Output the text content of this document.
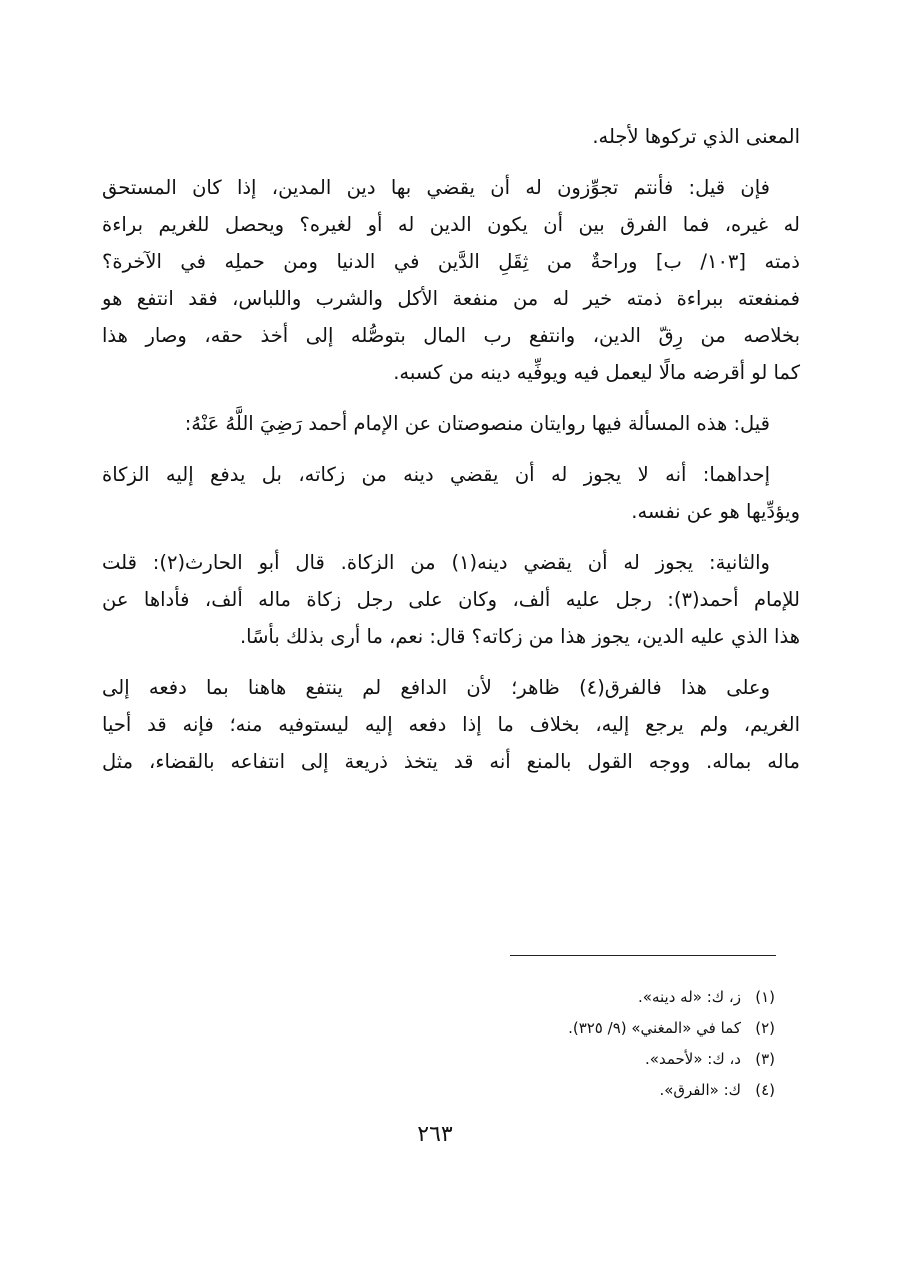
المعنى الذي تركوها لأجله.
فإن قيل: فأنتم تجوِّزون له أن يقضي بها دين المدين، إذا كان المستحق
له غيره، فما الفرق بين أن يكون الدين له أو لغيره؟ ويحصل للغريم براءة
ذمته [١٠٣/ ب] وراحةٌ من ثِقَلِ الدَّين في الدنيا ومن حملِه في الآخرة؟
فمنفعته ببراءة ذمته خير له من منفعة الأكل والشرب واللباس، فقد انتفع هو
بخلاصه من رِقّ الدين، وانتفع رب المال بتوصُّله إلى أخذ حقه، وصار هذا
كما لو أقرضه مالًا ليعمل فيه ويوفِّيه دينه من كسبه.
قيل: هذه المسألة فيها روايتان منصوصتان عن الإمام أحمد رَضِيَ اللَّهُ عَنْهُ:
إحداهما: أنه لا يجوز له أن يقضي دينه من زكاته، بل يدفع إليه الزكاة
ويؤدِّيها هو عن نفسه.
والثانية: يجوز له أن يقضي دينه(١) من الزكاة. قال أبو الحارث(٢): قلت
للإمام أحمد(٣): رجل عليه ألف، وكان على رجل زكاة ماله ألف، فأداها عن
هذا الذي عليه الدين، يجوز هذا من زكاته؟ قال: نعم، ما أرى بذلك بأسًا.
وعلى هذا فالفرق(٤) ظاهر؛ لأن الدافع لم ينتفع هاهنا بما دفعه إلى
الغريم، ولم يرجع إليه، بخلاف ما إذا دفعه إليه ليستوفيه منه؛ فإنه قد أحيا
ماله بماله. ووجه القول بالمنع أنه قد يتخذ ذريعة إلى انتفاعه بالقضاء، مثل
(١)ز، ك: «له دينه».
(٢)كما في «المغني» (٩/ ٣٢٥).
(٣)د، ك: «لأحمد».
(٤)ك: «الفرق».
٢٦٣
